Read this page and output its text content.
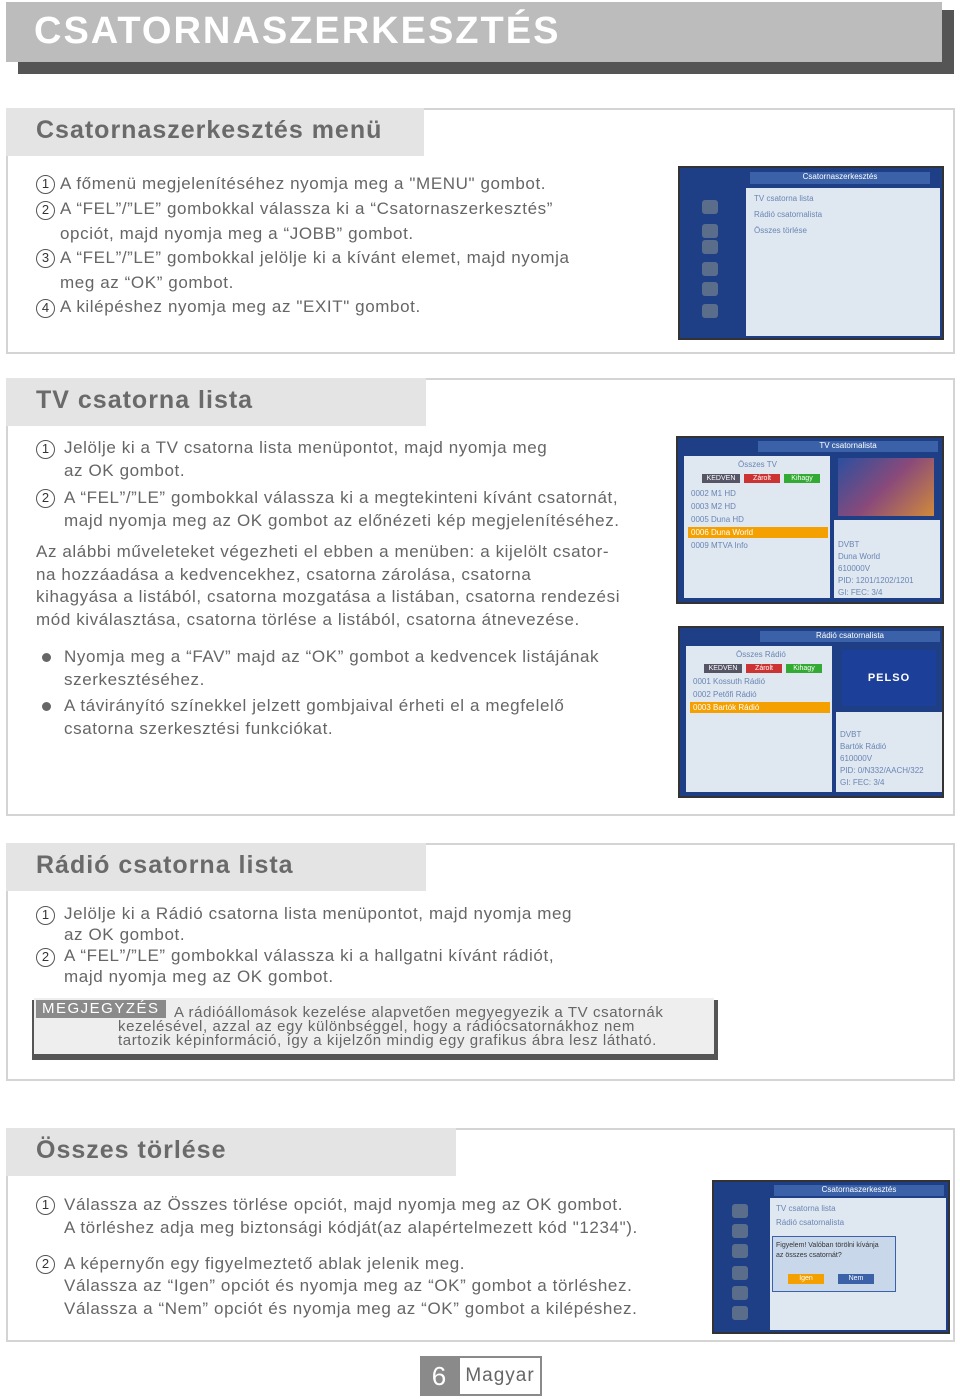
CSATORNASZERKESZTÉS
Csatornaszerkesztés menü
1 A főmenü megjelenítéséhez nyomja meg a "MENU" gombot.
2 A “FEL”/”LE” gombokkal válassza ki a “Csatornaszerkesztés”
opciót, majd nyomja meg a “JOBB” gombot.
3 A “FEL”/”LE” gombokkal jelölje ki a kívánt elemet, majd nyomja
meg az “OK” gombot.
4 A kilépéshez nyomja meg az "EXIT" gombot.
Csatornaszerkesztés
TV csatorna lista
Rádió csatornalista
Összes törlése
TV csatorna lista
1 Jelölje ki a TV csatorna lista menüpontot, majd nyomja meg
az OK gombot.
2 A “FEL”/”LE” gombokkal válassza ki a megtekinteni kívánt csatornát,
majd nyomja meg az OK gombot az előnézeti kép megjelenítéséhez.
Az alábbi műveleteket végezheti el ebben a menüben: a kijelölt csator-
na hozzáadása a kedvencekhez, csatorna zárolása, csatorna
kihagyása a listából, csatorna mozgatása a listában, csatorna rendezési
mód kiválasztása, csatorna törlése a listából, csatorna átnevezése.
Nyomja meg a “FAV” majd az “OK” gombot a kedvencek listájának
szerkesztéséhez.
A távirányító színekkel jelzett gombjaival érheti el a megfelelő
csatorna szerkesztési funkciókat.
TV csatornalista
Összes TV
KEDVEN	Zárolt	Kihagy
0002 M1 HD
0003 M2 HD
0005 Duna HD
0006 Duna World
0009 MTVA Info	DVBT
Duna World
610000V
PID: 1201/1202/1201
GI: FEC: 3/4
Rádió csatornalista
Összes Rádió
KEDVEN	Zárolt	Kihagy
0001 Kossuth Rádió
0002 Petőfi Rádió
0003 Bartók Rádió
PELSO
DVBT
Bartók Rádió
610000V
PID: 0/N332/AACH/322
GI: FEC: 3/4
Rádió csatorna lista
1 Jelölje ki a Rádió csatorna lista menüpontot, majd nyomja meg
az OK gombot.
2 A “FEL”/”LE” gombokkal válassza ki a hallgatni kívánt rádiót,
majd nyomja meg az OK gombot.
MEGJEGYZÉS A rádióállomások kezelése alapvetően megyegyezik a TV csatornák
kezelésével, azzal az egy különbséggel, hogy a rádiócsatornákhoz nem
tartozik képinformáció, így a kijelzőn mindig egy grafikus ábra lesz látható.
Összes törlése
1 Válassza az Összes törlése opciót, majd nyomja meg az OK gombot.
A törléshez adja meg biztonsági kódját(az alapértelmezett kód "1234").
2 A képernyőn egy figyelmeztető ablak jelenik meg.
Válassza az “Igen” opciót és nyomja meg az “OK” gombot a törléshez.
Válassza a “Nem” opciót és nyomja meg az “OK” gombot a kilépéshez.
Csatornaszerkesztés
TV csatorna lista
Rádió csatornalista
Figyelem! Valóban törölni kívánja
az összes csatornát?
Igen	Nem
6	Magyar
